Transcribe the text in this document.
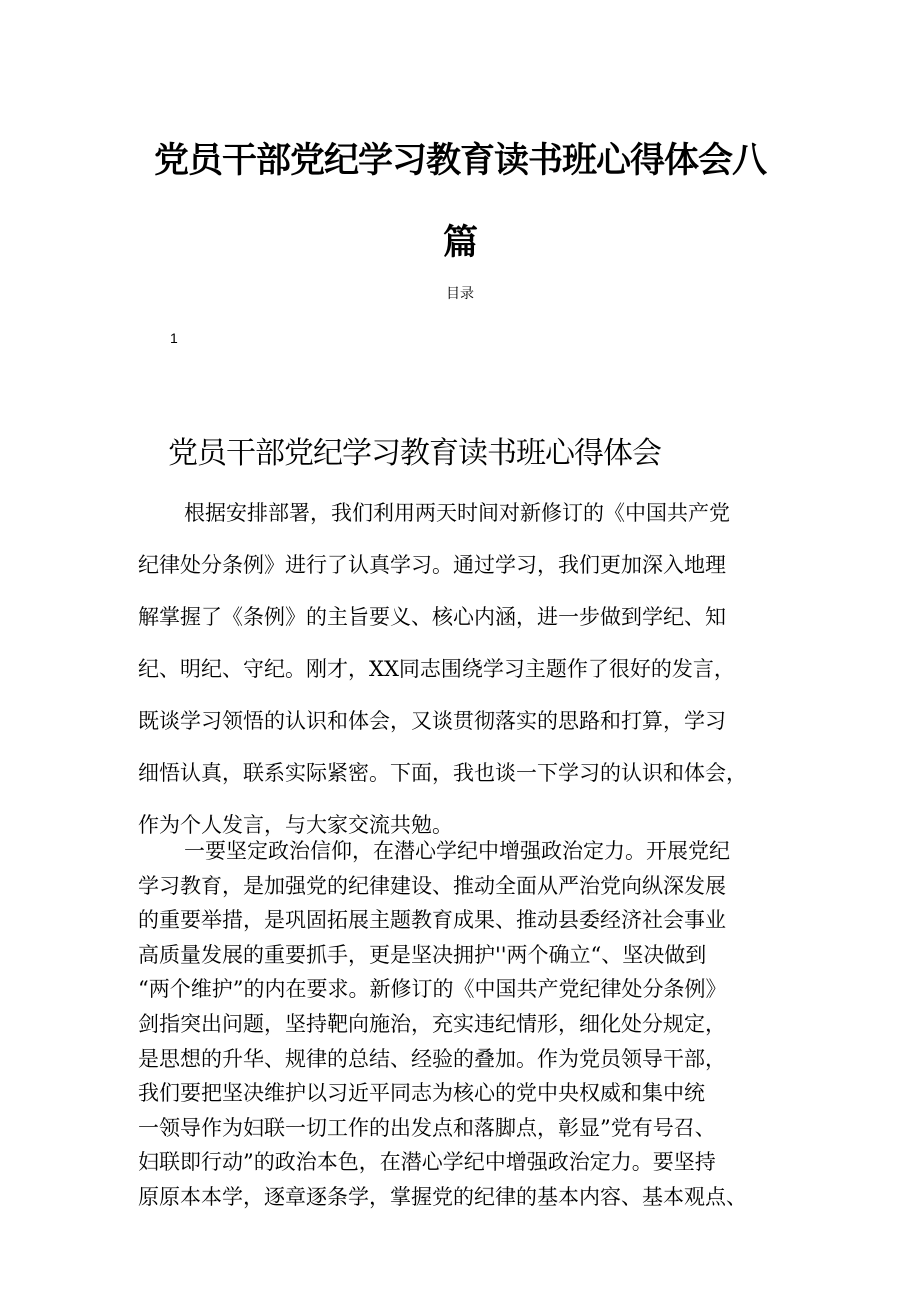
党员干部党纪学习教育读书班心得体会八
篇
目录
1
党员干部党纪学习教育读书班心得体会
根据安排部署，我们利用两天时间对新修订的《中国共产党
纪律处分条例》进行了认真学习。通过学习，我们更加深入地理
解掌握了《条例》的主旨要义、核心内涵，进一步做到学纪、知
纪、明纪、守纪。刚才，XX同志围绕学习主题作了很好的发言，
既谈学习领悟的认识和体会，又谈贯彻落实的思路和打算，学习
细悟认真，联系实际紧密。下面，我也谈一下学习的认识和体会，
作为个人发言，与大家交流共勉。
一要坚定政治信仰，在潜心学纪中增强政治定力。开展党纪
学习教育，是加强党的纪律建设、推动全面从严治党向纵深发展
的重要举措，是巩固拓展主题教育成果、推动县委经济社会事业
高质量发展的重要抓手，更是坚决拥护''两个确立“、坚决做到
“两个维护”的内在要求。新修订的《中国共产党纪律处分条例》
剑指突出问题，坚持靶向施治，充实违纪情形，细化处分规定，
是思想的升华、规律的总结、经验的叠加。作为党员领导干部，
我们要把坚决维护以习近平同志为核心的党中央权威和集中统
一领导作为妇联一切工作的出发点和落脚点，彰显”党有号召、
妇联即行动”的政治本色，在潜心学纪中增强政治定力。要坚持
原原本本学，逐章逐条学，掌握党的纪律的基本内容、基本观点、
